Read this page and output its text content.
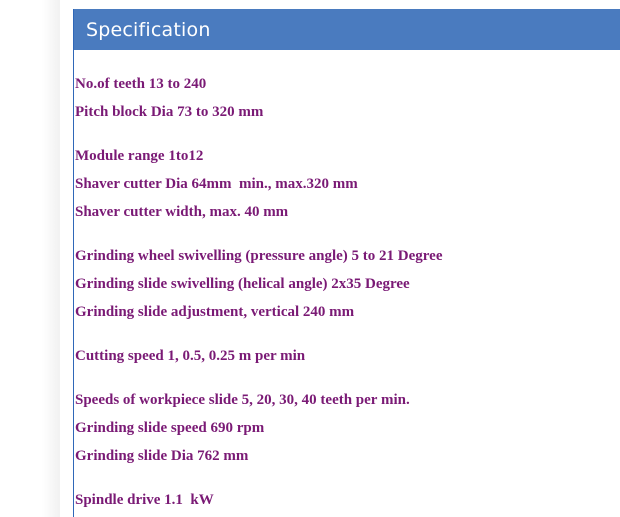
Specification
No.of teeth 13 to 240
Pitch block Dia 73 to 320 mm
Module range 1to12
Shaver cutter Dia 64mm  min., max.320 mm
Shaver cutter width, max. 40 mm
Grinding wheel swivelling (pressure angle) 5 to 21 Degree
Grinding slide swivelling (helical angle) 2x35 Degree
Grinding slide adjustment, vertical 240 mm
Cutting speed 1, 0.5, 0.25 m per min
Speeds of workpiece slide 5, 20, 30, 40 teeth per min.
Grinding slide speed 690 rpm
Grinding slide Dia 762 mm
Spindle drive 1.1  kW
